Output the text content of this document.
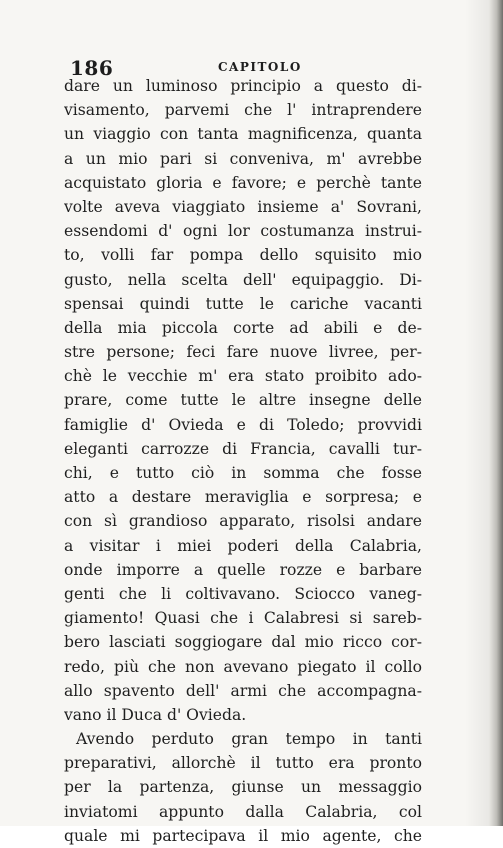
186	CAPITOLO
dare un luminoso principio a questo di-
visamento, parvemi che l' intraprendere
un viaggio con tanta magnificenza, quanta
a un mio pari si conveniva, m' avrebbe
acquistato gloria e favore; e perchè tante
volte aveva viaggiato insieme a' Sovrani,
essendomi d' ogni lor costumanza instrui-
to, volli far pompa dello squisito mio
gusto, nella scelta dell' equipaggio. Di-
spensai quindi tutte le cariche vacanti
della mia piccola corte ad abili e de-
stre persone; feci fare nuove livree, per-
chè le vecchie m' era stato proibito ado-
prare, come tutte le altre insegne delle
famiglie d' Ovieda e di Toledo; provvidi
eleganti carrozze di Francia, cavalli tur-
chi, e tutto ciò in somma che fosse
atto a destare meraviglia e sorpresa; e
con sì grandioso apparato, risolsi andare
a visitar i miei poderi della Calabria,
onde imporre a quelle rozze e barbare
genti che li coltivavano. Sciocco vaneg-
giamento! Quasi che i Calabresi si sareb-
bero lasciati soggiogare dal mio ricco cor-
redo, più che non avevano piegato il collo
allo spavento dell' armi che accompagna-
vano il Duca d' Ovieda.
Avendo perduto gran tempo in tanti
preparativi, allorchè il tutto era pronto
per la partenza, giunse un messaggio
inviatomi appunto dalla Calabria, col
quale mi partecipava il mio agente, che
